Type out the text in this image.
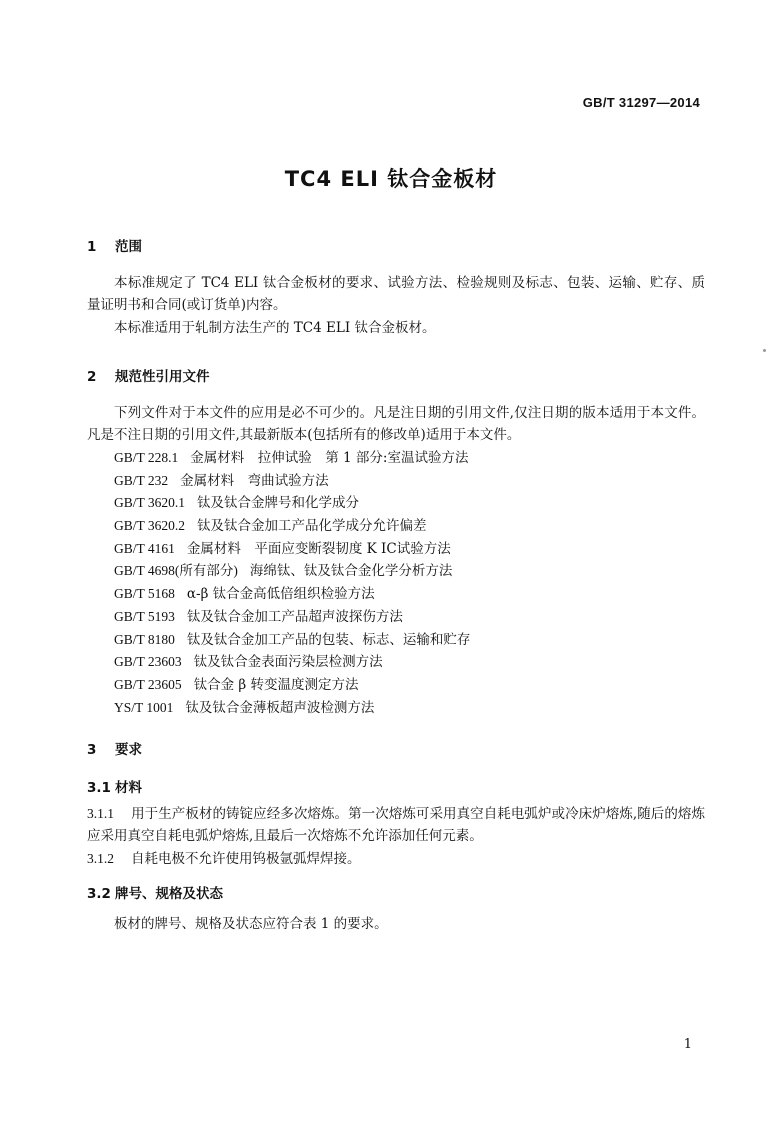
GB/T 31297—2014
TC4 ELI 钛合金板材
1 范围
本标准规定了 TC4 ELI 钛合金板材的要求、试验方法、检验规则及标志、包装、运输、贮存、质量证明书和合同(或订货单)内容。
本标准适用于轧制方法生产的 TC4 ELI 钛合金板材。
2 规范性引用文件
下列文件对于本文件的应用是必不可少的。凡是注日期的引用文件,仅注日期的版本适用于本文件。凡是不注日期的引用文件,其最新版本(包括所有的修改单)适用于本文件。
GB/T 228.1 金属材料　拉伸试验　第 1 部分:室温试验方法
GB/T 232 金属材料　弯曲试验方法
GB/T 3620.1 钛及钛合金牌号和化学成分
GB/T 3620.2 钛及钛合金加工产品化学成分允许偏差
GB/T 4161 金属材料　平面应变断裂韧度 K IC试验方法
GB/T 4698(所有部分) 海绵钛、钛及钛合金化学分析方法
GB/T 5168 α-β 钛合金高低倍组织检验方法
GB/T 5193 钛及钛合金加工产品超声波探伤方法
GB/T 8180 钛及钛合金加工产品的包装、标志、运输和贮存
GB/T 23603 钛及钛合金表面污染层检测方法
GB/T 23605 钛合金 β 转变温度测定方法
YS/T 1001 钛及钛合金薄板超声波检测方法
3 要求
3.1 材料
3.1.1 用于生产板材的铸锭应经多次熔炼。第一次熔炼可采用真空自耗电弧炉或冷床炉熔炼,随后的熔炼应采用真空自耗电弧炉熔炼,且最后一次熔炼不允许添加任何元素。
3.1.2 自耗电极不允许使用钨极氩弧焊焊接。
3.2 牌号、规格及状态
板材的牌号、规格及状态应符合表 1 的要求。
1
